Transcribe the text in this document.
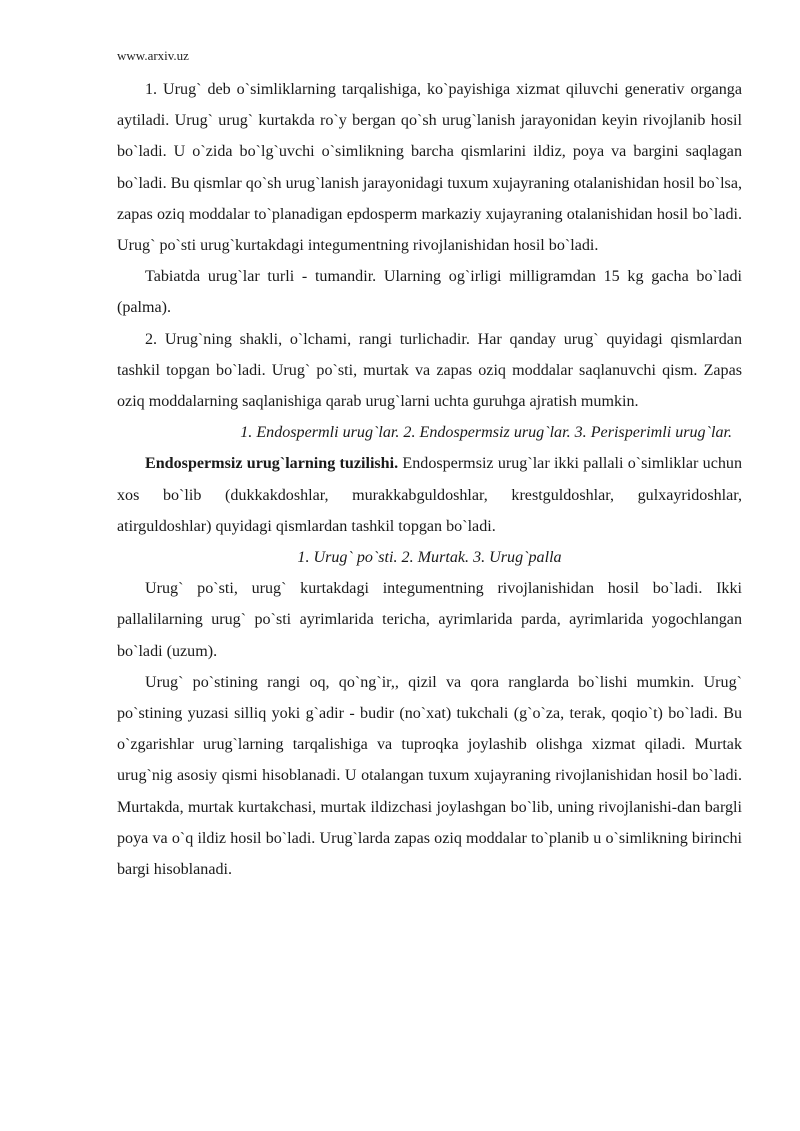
www.arxiv.uz

1. Urug` deb o`simliklarning tarqalishiga, ko`payishiga xizmat qiluvchi generativ organga aytiladi. Urug` urug` kurtakda ro`y bergan qo`sh urug`lanish jarayonidan keyin rivojlanib hosil bo`ladi. U o`zida bo`lg`uvchi o`simlikning barcha qismlarini ildiz, poya va bargini saqlagan bo`ladi. Bu qismlar qo`sh urug`lanish jarayonidagi tuxum xujayraning otalanishidan hosil bo`lsa, zapas oziq moddalar to`planadigan epdosperm markaziy xujayraning otalanishidan hosil bo`ladi. Urug` po`sti urug`kurtakdagi integumentning rivojlanishidan hosil bo`ladi.

Tabiatda urug`lar turli - tumandir. Ularning og`irligi milligramdan 15 kg gacha bo`ladi (palma).

2. Urug`ning shakli, o`lchami, rangi turlichadir. Har qanday urug` quyidagi qismlardan tashkil topgan bo`ladi. Urug` po`sti, murtak va zapas oziq moddalar saqlanuvchi qism. Zapas oziq moddalarning saqlanishiga qarab urug`larni uchta guruhga ajratish mumkin.

1. Endospermli urug`lar. 2. Endospermsiz urug`lar. 3. Perisperimli urug`lar.

Endospermsiz urug`larning tuzilishi. Endospermsiz urug`lar ikki pallali o`simliklar uchun xos bo`lib (dukkakdoshlar, murakkabguldoshlar, krestguldoshlar, gulxayridoshlar, atirguldoshlar) quyidagi qismlardan tashkil topgan bo`ladi.

1. Urug` po`sti. 2. Murtak. 3. Urug`palla

Urug` po`sti, urug` kurtakdagi integumentning rivojlanishidan hosil bo`ladi. Ikki pallalilarning urug` po`sti ayrimlarida tericha, ayrimlarida parda, ayrimlarida yogochlangan bo`ladi (uzum).

Urug` po`stining rangi oq, qo`ng`ir,, qizil va qora ranglarda bo`lishi mumkin. Urug` po`stining yuzasi silliq yoki g`adir - budir (no`xat) tukchali (g`o`za, terak, qoqio`t) bo`ladi. Bu o`zgarishlar urug`larning tarqalishiga va tuproqka joylashib olishga xizmat qiladi. Murtak urug`nig asosiy qismi hisoblanadi. U otalangan tuxum xujayraning rivojlanishidan hosil bo`ladi. Murtakda, murtak kurtakchasi, murtak ildizchasi joylashgan bo`lib, uning rivojlanishi-dan bargli poya va o`q ildiz hosil bo`ladi. Urug`larda zapas oziq moddalar to`planib u o`simlikning birinchi bargi hisoblanadi.
